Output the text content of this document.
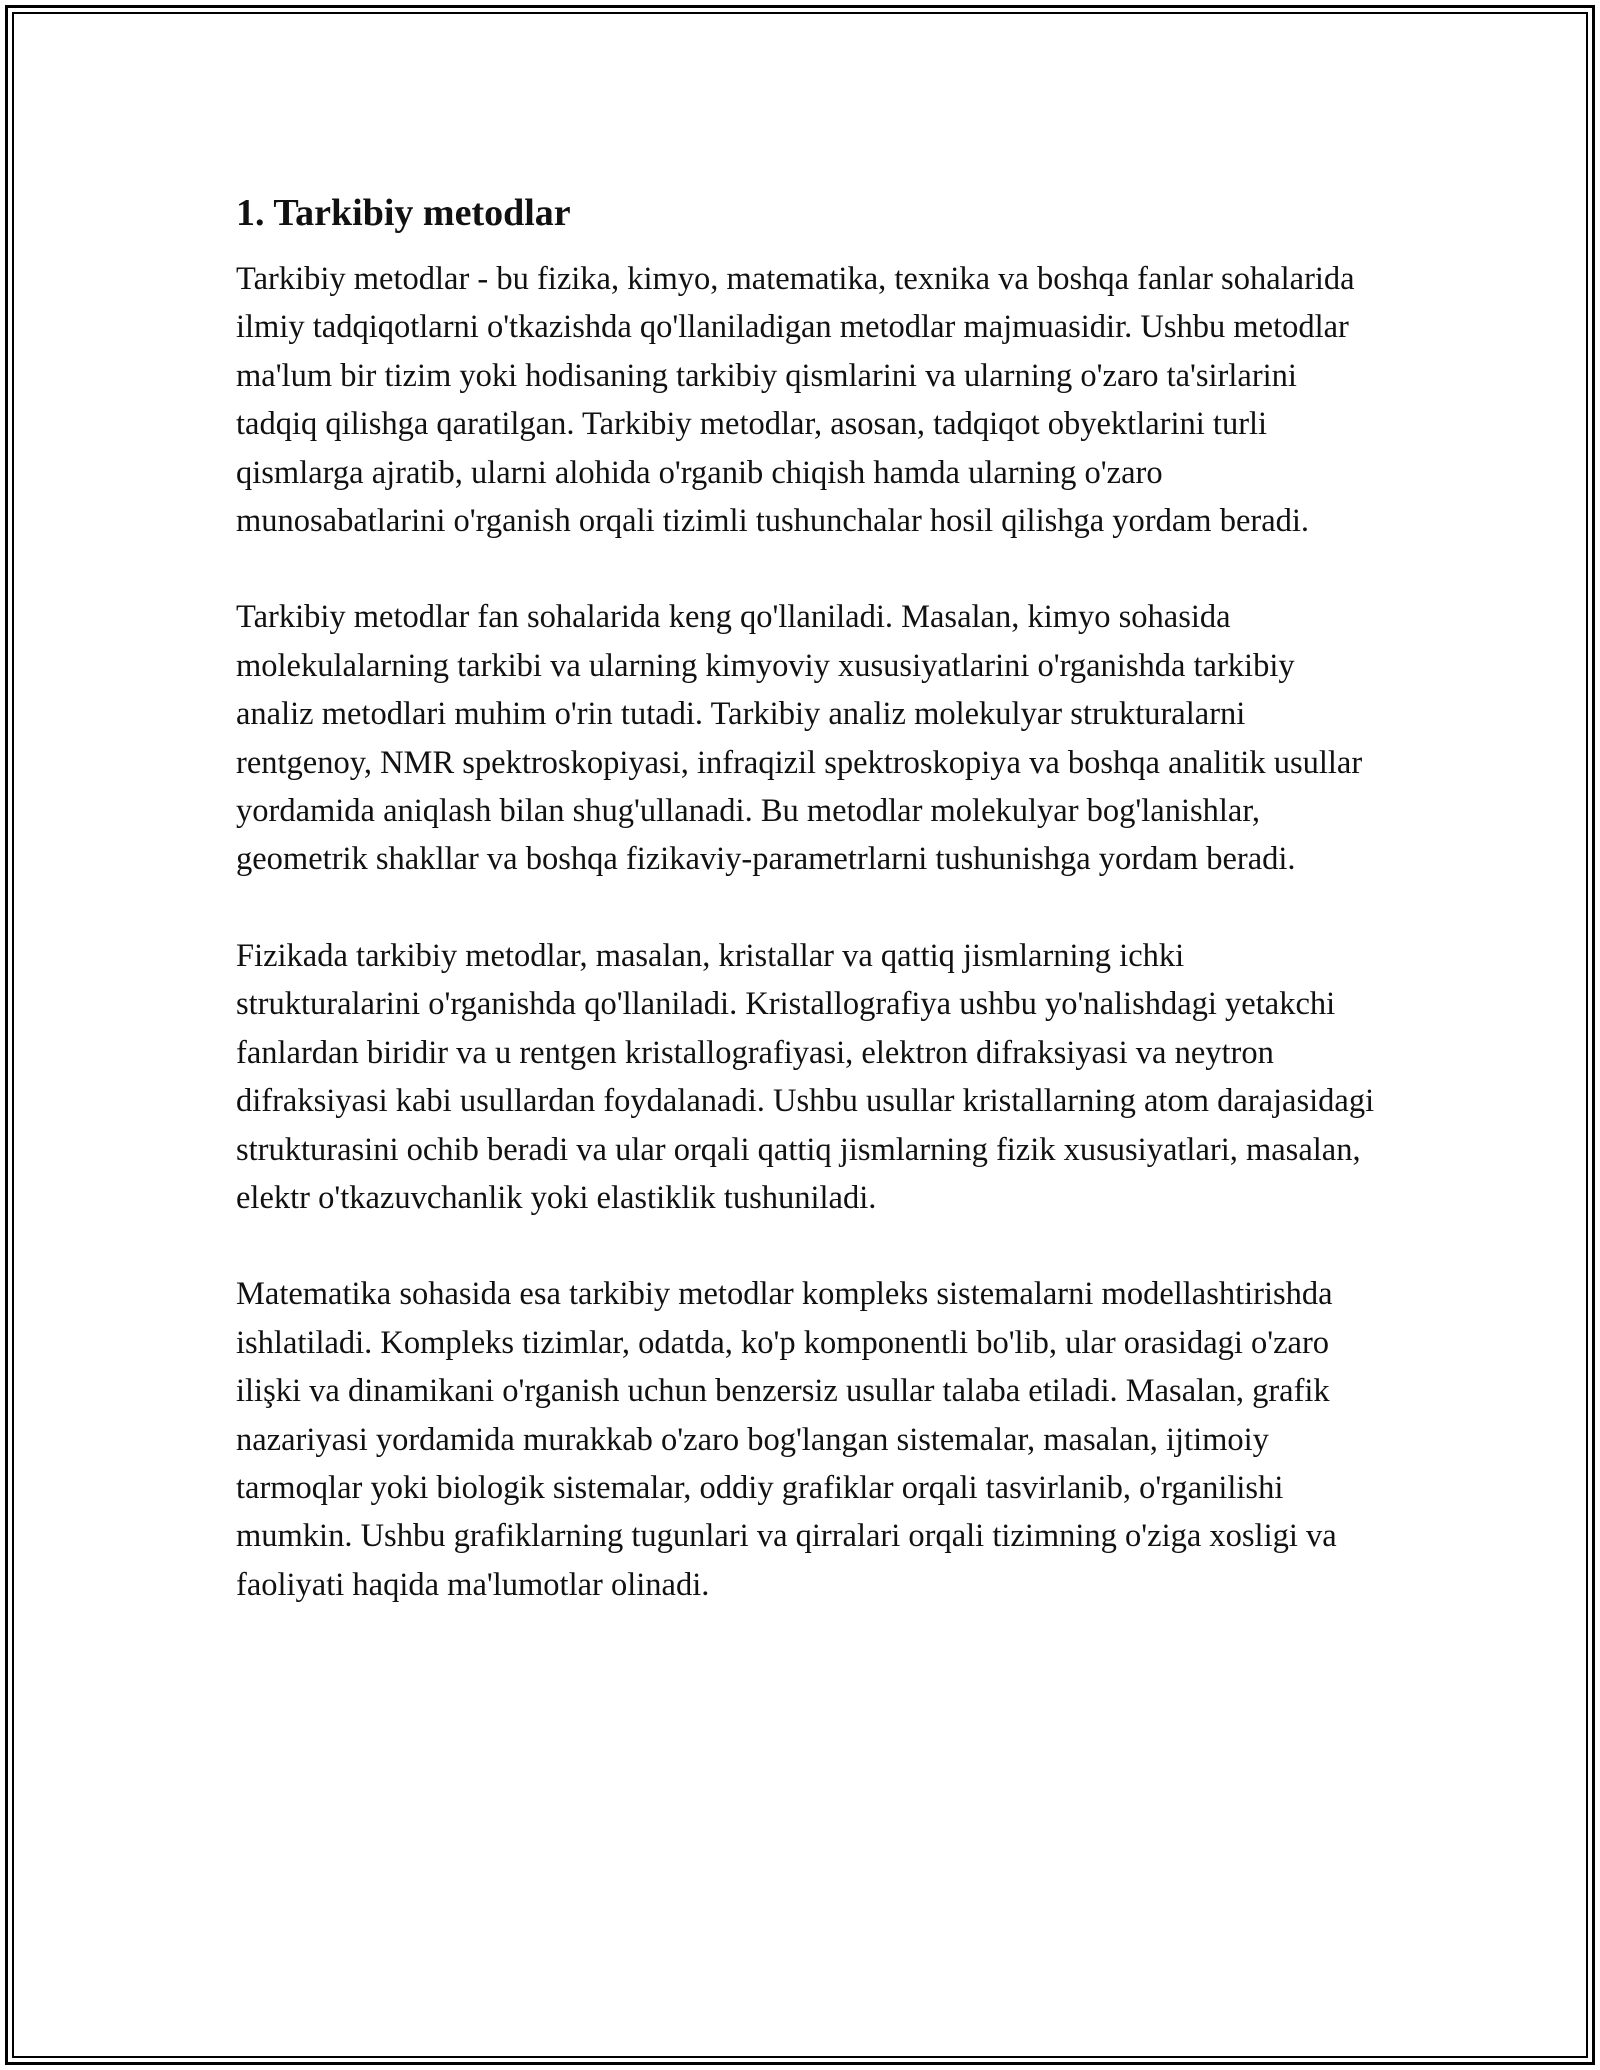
1. Tarkibiy metodlar

Tarkibiy metodlar - bu fizika, kimyo, matematika, texnika va boshqa fanlar sohalarida ilmiy tadqiqotlarni o'tkazishda qo'llaniladigan metodlar majmuasidir. Ushbu metodlar ma'lum bir tizim yoki hodisaning tarkibiy qismlarini va ularning o'zaro ta'sirlarini tadqiq qilishga qaratilgan. Tarkibiy metodlar, asosan, tadqiqot obyektlarini turli qismlarga ajratib, ularni alohida o'rganib chiqish hamda ularning o'zaro munosabatlarini o'rganish orqali tizimli tushunchalar hosil qilishga yordam beradi.

Tarkibiy metodlar fan sohalarida keng qo'llaniladi. Masalan, kimyo sohasida molekulalarning tarkibi va ularning kimyoviy xususiyatlarini o'rganishda tarkibiy analiz metodlari muhim o'rin tutadi. Tarkibiy analiz molekulyar strukturalarni rentgenoy, NMR spektroskopiyasi, infraqizil spektroskopiya va boshqa analitik usullar yordamida aniqlash bilan shug'ullanadi. Bu metodlar molekulyar bog'lanishlar, geometrik shakllar va boshqa fizikaviy-parametrlarni tushunishga yordam beradi.

Fizikada tarkibiy metodlar, masalan, kristallar va qattiq jismlarning ichki strukturalarini o'rganishda qo'llaniladi. Kristallografiya ushbu yo'nalishdagi yetakchi fanlardan biridir va u rentgen kristallografiyasi, elektron difraksiyasi va neytron difraksiyasi kabi usullardan foydalanadi. Ushbu usullar kristallarning atom darajasidagi strukturasini ochib beradi va ular orqali qattiq jismlarning fizik xususiyatlari, masalan, elektr o'tkazuvchanlik yoki elastiklik tushuniladi.

Matematika sohasida esa tarkibiy metodlar kompleks sistemalarni modellashtirishda ishlatiladi. Kompleks tizimlar, odatda, ko'p komponentli bo'lib, ular orasidagi o'zaro ilişki va dinamikani o'rganish uchun benzersiz usullar talaba etiladi. Masalan, grafik nazariyasi yordamida murakkab o'zaro bog'langan sistemalar, masalan, ijtimoiy tarmoqlar yoki biologik sistemalar, oddiy grafiklar orqali tasvirlanib, o'rganilishi mumkin. Ushbu grafiklarning tugunlari va qirralari orqali tizimning o'ziga xosligi va faoliyati haqida ma'lumotlar olinadi.
